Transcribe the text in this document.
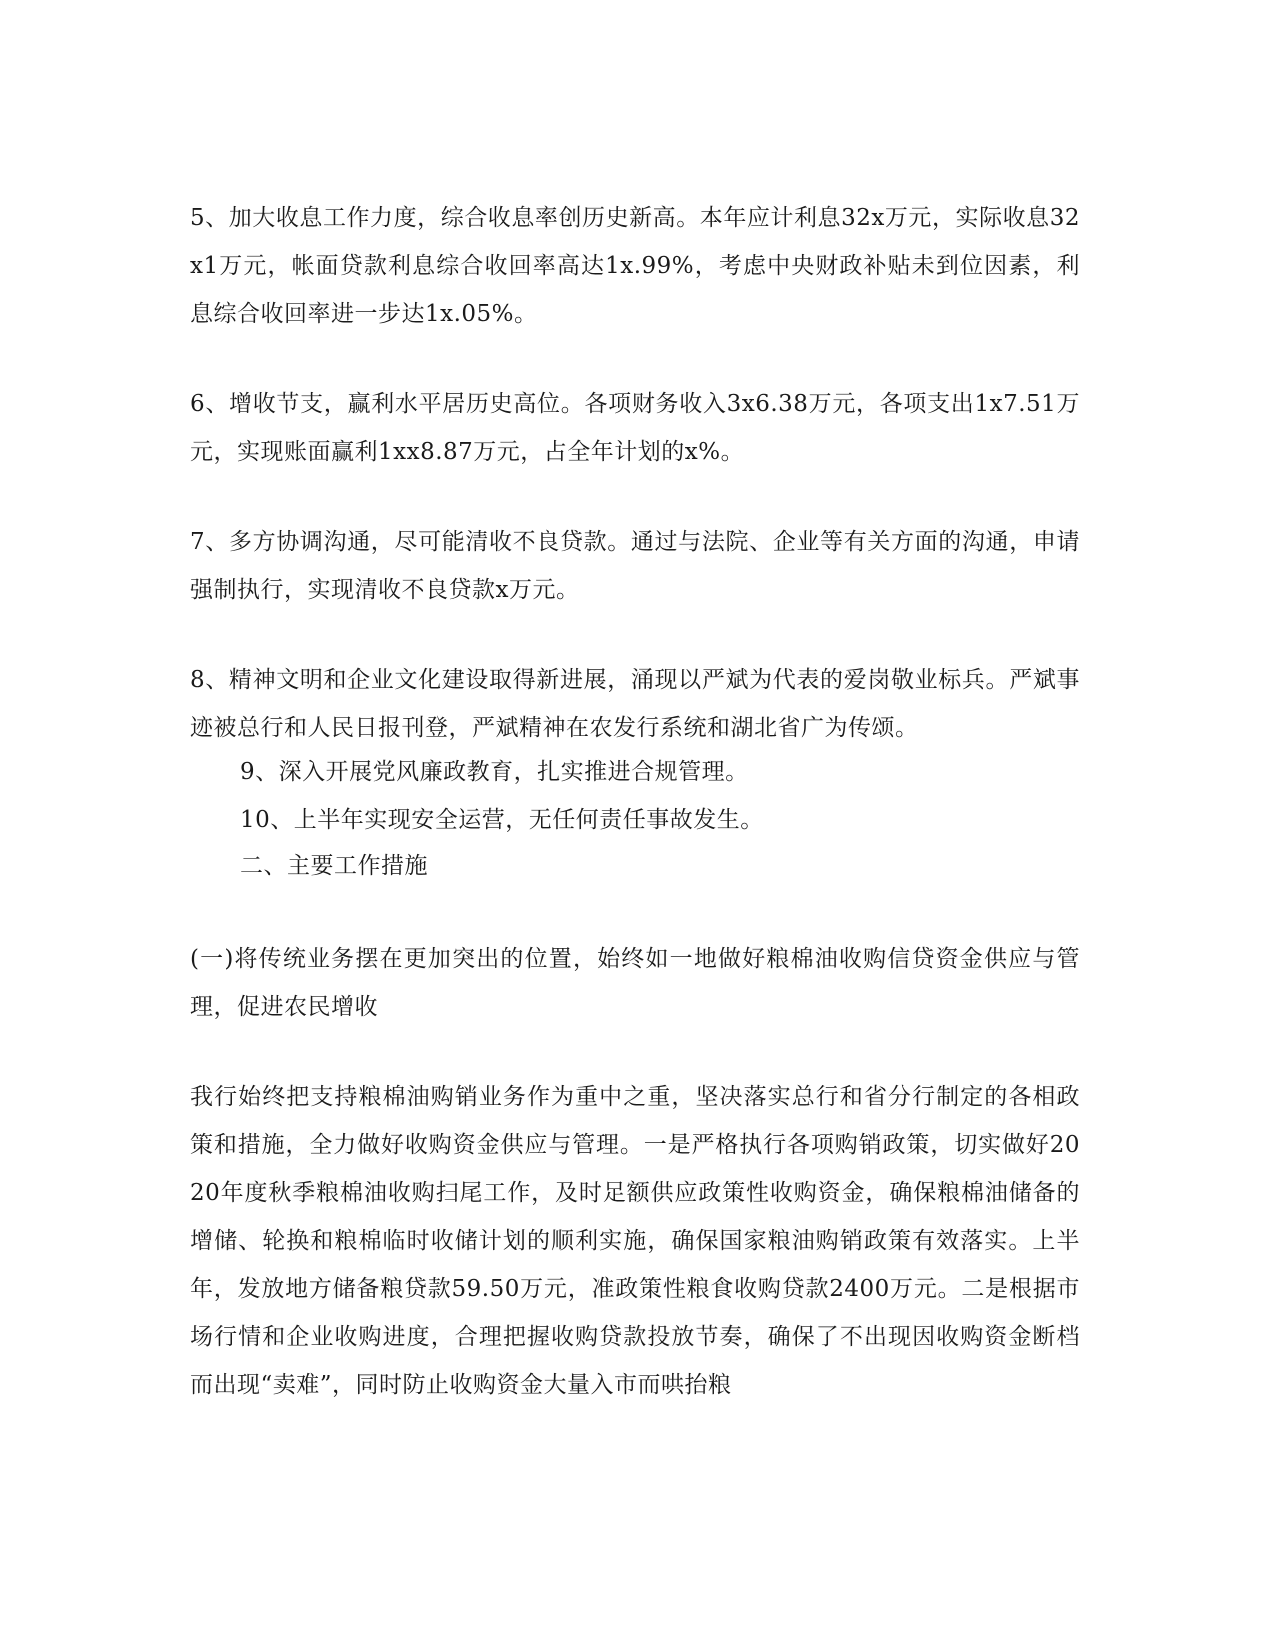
5、加大收息工作力度，综合收息率创历史新高。本年应计利息32x万元，实际收息32x1万元，帐面贷款利息综合收回率高达1x.99%，考虑中央财政补贴未到位因素，利息综合收回率进一步达1x.05%。

6、增收节支，赢利水平居历史高位。各项财务收入3x6.38万元，各项支出1x7.51万元，实现账面赢利1xx8.87万元，占全年计划的x%。

7、多方协调沟通，尽可能清收不良贷款。通过与法院、企业等有关方面的沟通，申请强制执行，实现清收不良贷款x万元。

8、精神文明和企业文化建设取得新进展，涌现以严斌为代表的爱岗敬业标兵。严斌事迹被总行和人民日报刊登，严斌精神在农发行系统和湖北省广为传颂。

9、深入开展党风廉政教育，扎实推进合规管理。

10、上半年实现安全运营，无任何责任事故发生。

二、主要工作措施

(一)将传统业务摆在更加突出的位置，始终如一地做好粮棉油收购信贷资金供应与管理，促进农民增收

我行始终把支持粮棉油购销业务作为重中之重，坚决落实总行和省分行制定的各相政策和措施，全力做好收购资金供应与管理。一是严格执行各项购销政策，切实做好2020年度秋季粮棉油收购扫尾工作，及时足额供应政策性收购资金，确保粮棉油储备的增储、轮换和粮棉临时收储计划的顺利实施，确保国家粮油购销政策有效落实。上半年，发放地方储备粮贷款59.50万元，准政策性粮食收购贷款2400万元。二是根据市场行情和企业收购进度，合理把握收购贷款投放节奏，确保了不出现因收购资金断档而出现“卖难”，同时防止收购资金大量入市而哄抬粮
